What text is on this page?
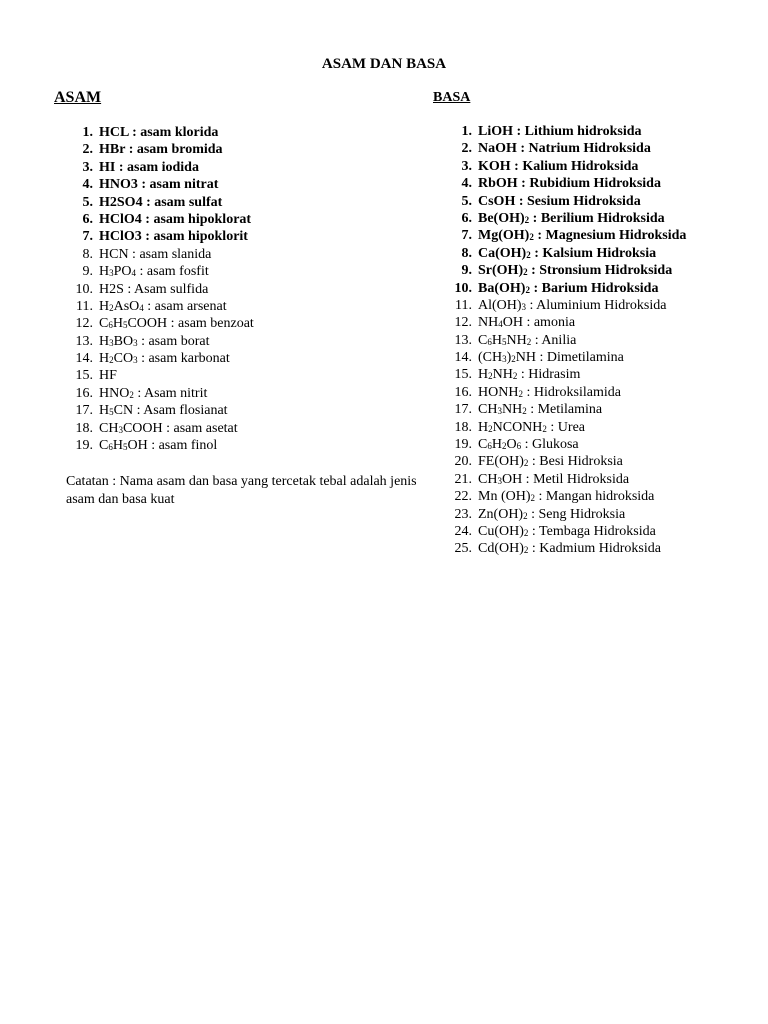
ASAM DAN BASA
ASAM	BASA
1. HCL : asam klorida
2. HBr : asam bromida
3. HI : asam iodida
4. HNO3 : asam nitrat
5. H2SO4 : asam sulfat
6. HClO4 : asam hipoklorat
7. HClO3 : asam hipoklorit
8. HCN : asam slanida
9. $H_3PO_4$ : asam fosfit
10. H2S : Asam sulfida
11. $H_2AsO_4$ : asam arsenat
12. $C_6H_5COOH$ : asam benzoat
13. $H_3BO_3$ : asam borat
14. $H_2CO_3$ : asam karbonat
15. HF
16. $HNO_2$ : Asam nitrit
17. $H_5CN$ : Asam flosianat
18. $CH_3COOH$ : asam asetat
19. $C_6H_5OH$ : asam finol
1. LiOH : Lithium hidroksida
2. NaOH : Natrium Hidroksida
3. KOH : Kalium Hidroksida
4. RbOH : Rubidium Hidroksida
5. CsOH : Sesium Hidroksida
6. $Be(OH)_2$ : Berilium Hidroksida
7. $Mg(OH)_2$ : Magnesium Hidroksida
8. $Ca(OH)_2$ : Kalsium Hidroksia
9. $Sr(OH)_2$ : Stronsium Hidroksida
10. $Ba(OH)_2$ : Barium Hidroksida
11. $Al(OH)_3$ : Aluminium Hidroksida
12. $NH_4OH$ : amonia
13. $C_6H_5NH_2$ : Anilia
14. $(CH_3)_2NH$ : Dimetilamina
15. $H_2NH_2$ : Hidrasim
16. $HONH_2$ : Hidroksilamida
17. $CH_3NH_2$ : Metilamina
18. $H_2NCONH_2$ : Urea
19. $C_6H_2O_6$ : Glukosa
20. $FE(OH)_2$ : Besi Hidroksia
21. $CH_3OH$ : Metil Hidroksida
22. Mn $(OH)_2$ : Mangan hidroksida
23. $Zn(OH)_2$ : Seng Hidroksia
24. $Cu(OH)_2$ : Tembaga Hidroksida
25. $Cd(OH)_2$ : Kadmium Hidroksida
Catatan : Nama asam dan basa yang tercetak tebal adalah jenis asam dan basa kuat
